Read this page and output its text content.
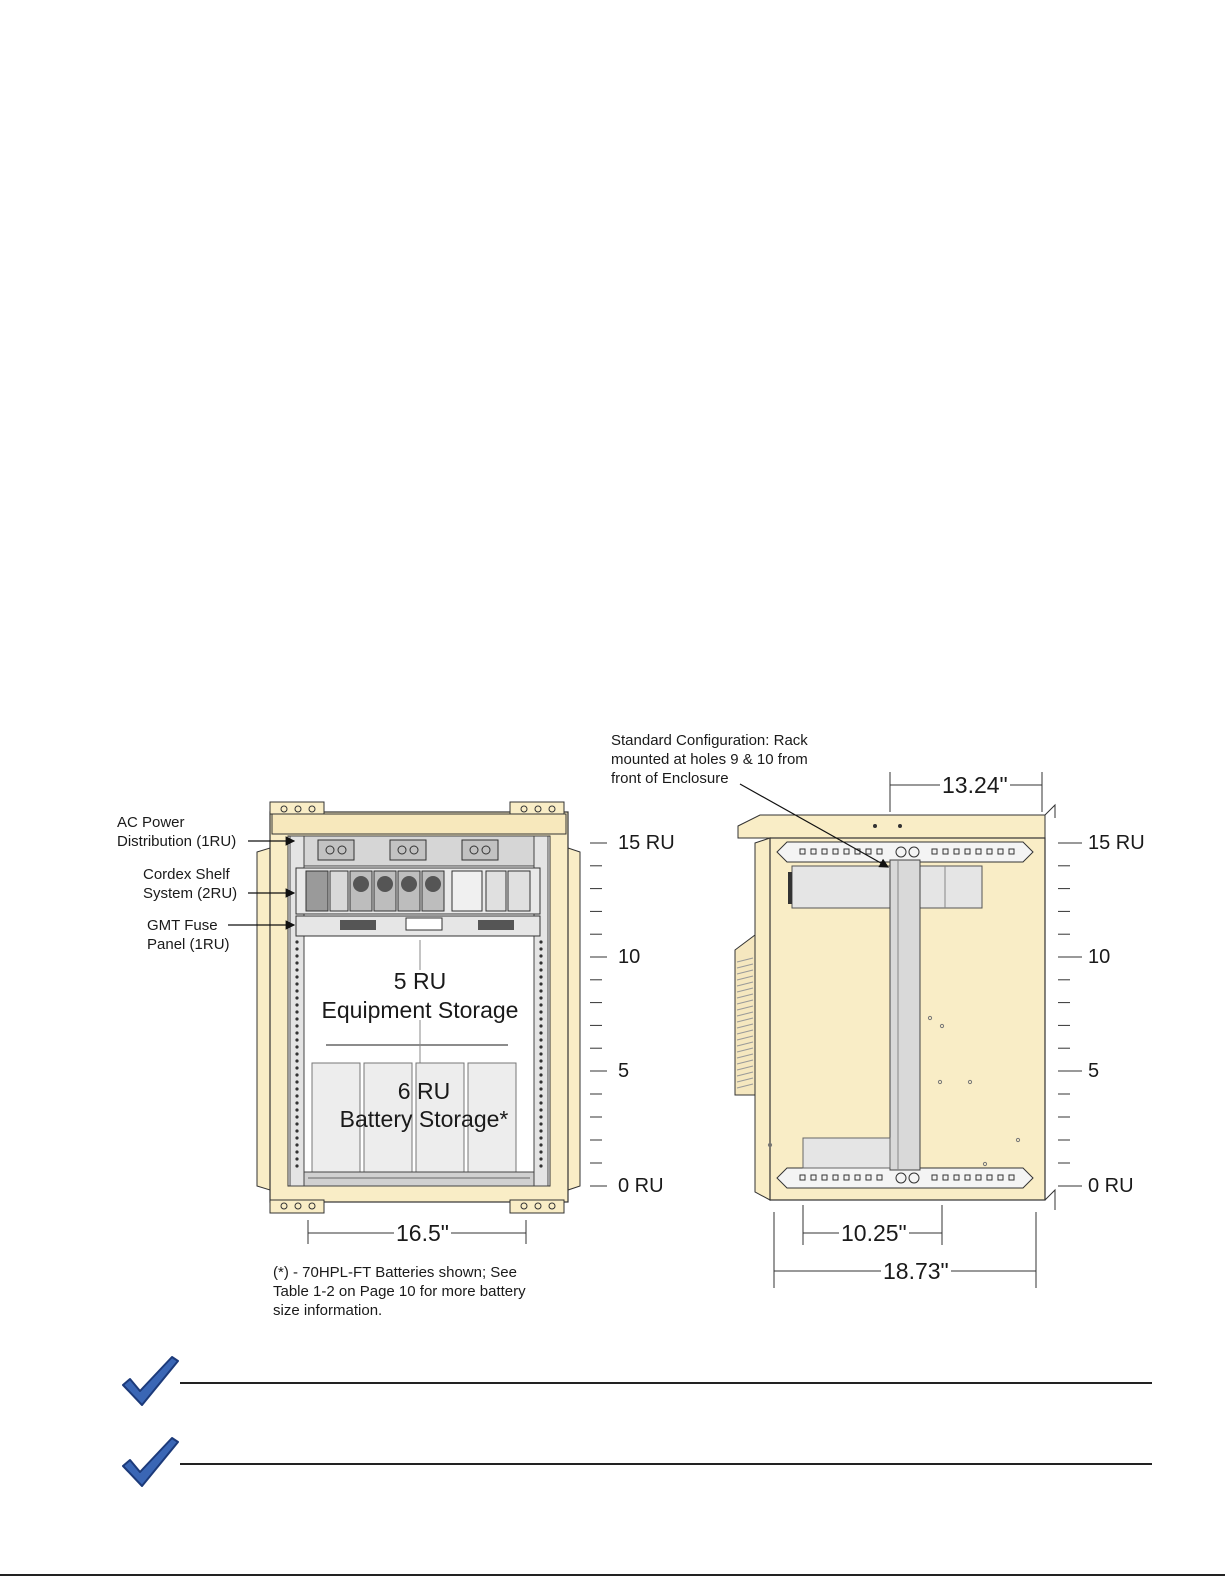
AC Power
Distribution (1RU)
Cordex Shelf
System (2RU)
GMT Fuse
Panel (1RU)
5 RU
Equipment Storage
6 RU
Battery Storage*
16.5"
15 RU
10
5
0 RU
(*) - 70HPL-FT Batteries shown; See
Table 1-2 on Page 10 for more battery
size information.
Standard Configuration: Rack
mounted at holes 9 & 10 from
front of Enclosure	13.24"
10.25"
18.73"
15 RU
10
5
0 RU
